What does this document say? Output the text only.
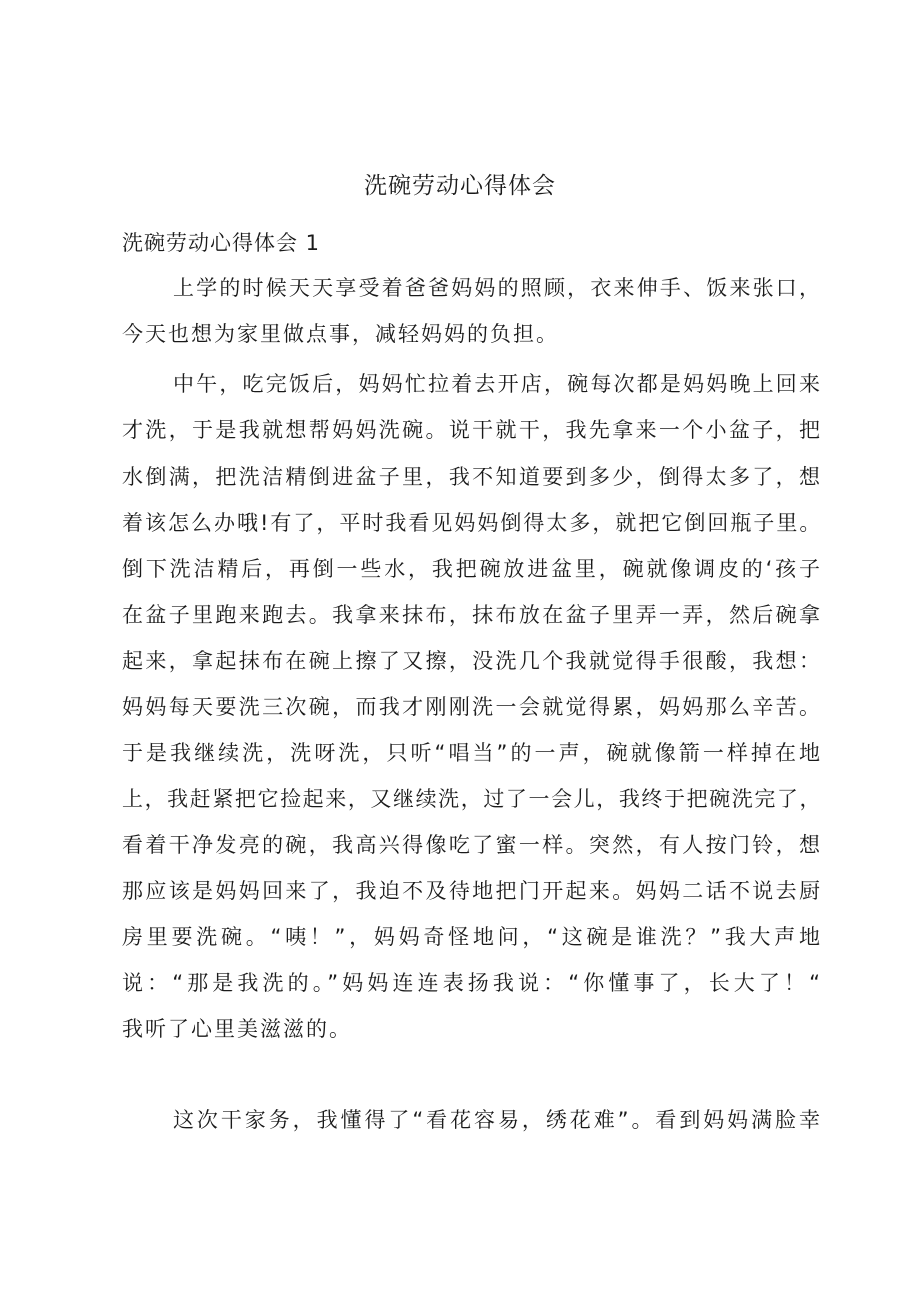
洗碗劳动心得体会
洗碗劳动心得体会 1
上学的时候天天享受着爸爸妈妈的照顾，衣来伸手、饭来张口，
今天也想为家里做点事，减轻妈妈的负担。
中午，吃完饭后，妈妈忙拉着去开店，碗每次都是妈妈晚上回来
才洗，于是我就想帮妈妈洗碗。说干就干，我先拿来一个小盆子，把
水倒满，把洗洁精倒进盆子里，我不知道要到多少，倒得太多了，想
着该怎么办哦!有了，平时我看见妈妈倒得太多，就把它倒回瓶子里。
倒下洗洁精后，再倒一些水，我把碗放进盆里，碗就像调皮的‘孩子
在盆子里跑来跑去。我拿来抹布，抹布放在盆子里弄一弄，然后碗拿
起来，拿起抹布在碗上擦了又擦，没洗几个我就觉得手很酸，我想：
妈妈每天要洗三次碗，而我才刚刚洗一会就觉得累，妈妈那么辛苦。
于是我继续洗，洗呀洗，只听“唱当”的一声，碗就像箭一样掉在地
上，我赶紧把它捡起来，又继续洗，过了一会儿，我终于把碗洗完了，
看着干净发亮的碗，我高兴得像吃了蜜一样。突然，有人按门铃，想
那应该是妈妈回来了，我迫不及待地把门开起来。妈妈二话不说去厨
房里要洗碗。“咦！”，妈妈奇怪地问，“这碗是谁洗？”我大声地
说：“那是我洗的。”妈妈连连表扬我说：“你懂事了，长大了！“
我听了心里美滋滋的。
这次干家务，我懂得了“看花容易，绣花难”。看到妈妈满脸幸
